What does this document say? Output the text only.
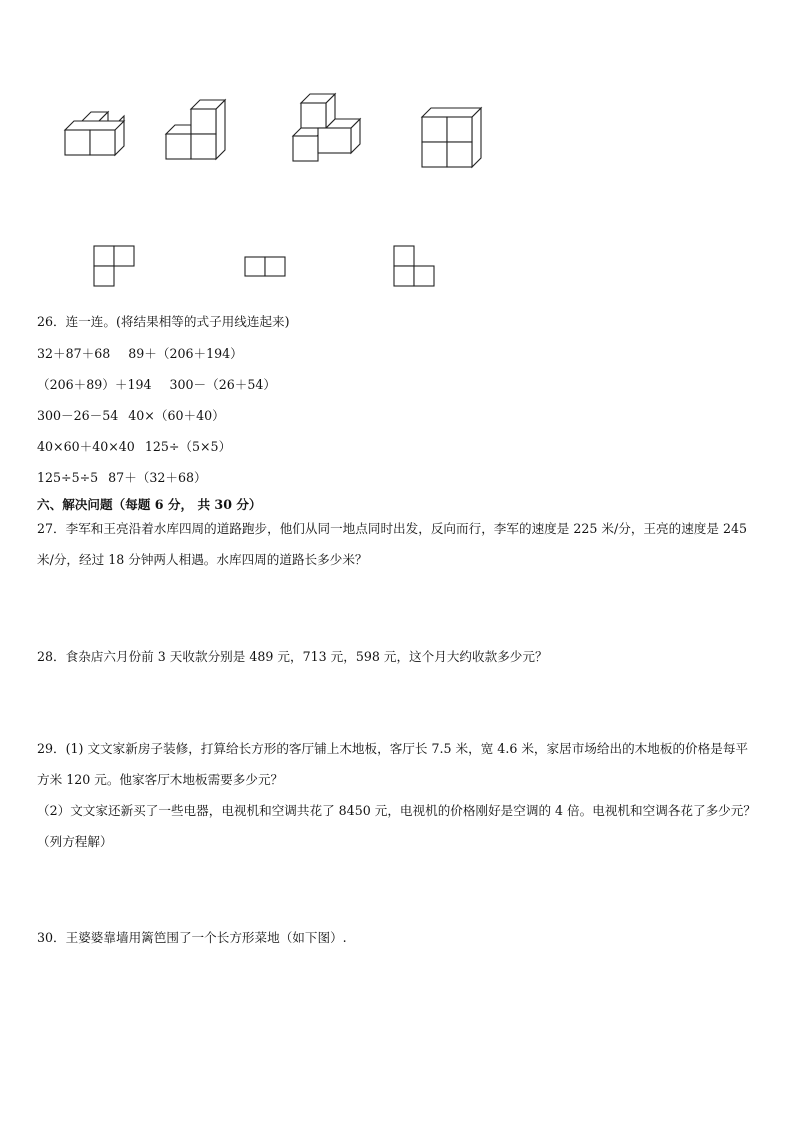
26．连一连。(将结果相等的式子用线连起来)
32＋87＋68 89＋（206＋194）
（206＋89）＋194 300－（26＋54）
300－26－54 40×（60＋40）
40×60＋40×40 125÷（5×5）
125÷5÷5 87＋（32＋68）
六、解决问题（每题 6 分， 共 30 分）
27．李军和王亮沿着水库四周的道路跑步，他们从同一地点同时出发，反向而行，李军的速度是 225 米/分，王亮的速度是 245 米/分，经过 18 分钟两人相遇。水库四周的道路长多少米？
28．食杂店六月份前 3 天收款分别是 489 元，713 元，598 元，这个月大约收款多少元？
29．(1) 文文家新房子装修，打算给长方形的客厅铺上木地板，客厅长 7.5 米，宽 4.6 米，家居市场给出的木地板的价格是每平方米 120 元。他家客厅木地板需要多少元？
（2）文文家还新买了一些电器，电视机和空调共花了 8450 元，电视机的价格刚好是空调的 4 倍。电视机和空调各花了多少元？（列方程解）
30．王婆婆靠墙用篱笆围了一个长方形菜地（如下图）.
